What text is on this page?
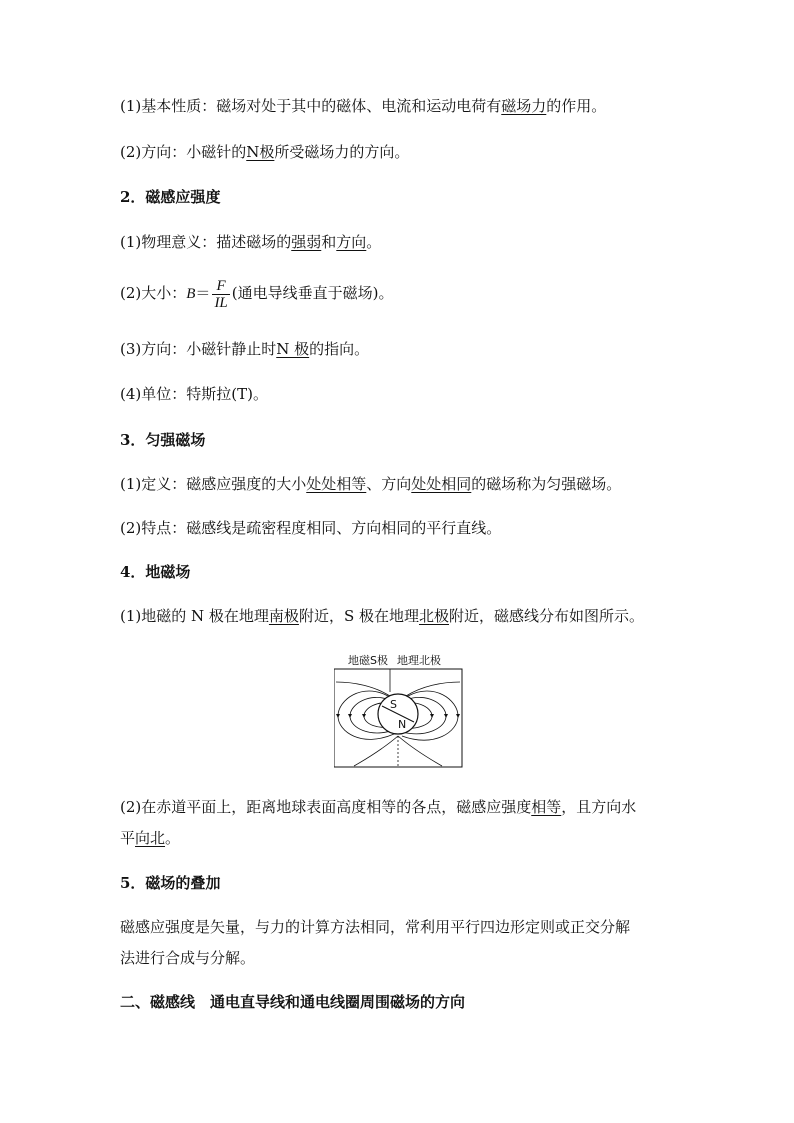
(1)基本性质：磁场对处于其中的磁体、电流和运动电荷有磁场力的作用。
(2)方向：小磁针的N极所受磁场力的方向。
2．磁感应强度
(1)物理意义：描述磁场的强弱和方向。
(2)大小：$B= \frac{F}{IL}$ (通电导线垂直于磁场)。
(3)方向：小磁针静止时N 极的指向。
(4)单位：特斯拉(T)。
3．匀强磁场
(1)定义：磁感应强度的大小处处相等、方向处处相同的磁场称为匀强磁场。
(2)特点：磁感线是疏密程度相同、方向相同的平行直线。
4．地磁场
(1)地磁的 N 极在地理南极附近，S 极在地理北极附近，磁感线分布如图所示。
地磁S极 地理北极
S
N
(2)在赤道平面上，距离地球表面高度相等的各点，磁感应强度相等，且方向水
平向北。
5．磁场的叠加
磁感应强度是矢量，与力的计算方法相同，常利用平行四边形定则或正交分解
法进行合成与分解。
二、磁感线　通电直导线和通电线圈周围磁场的方向
